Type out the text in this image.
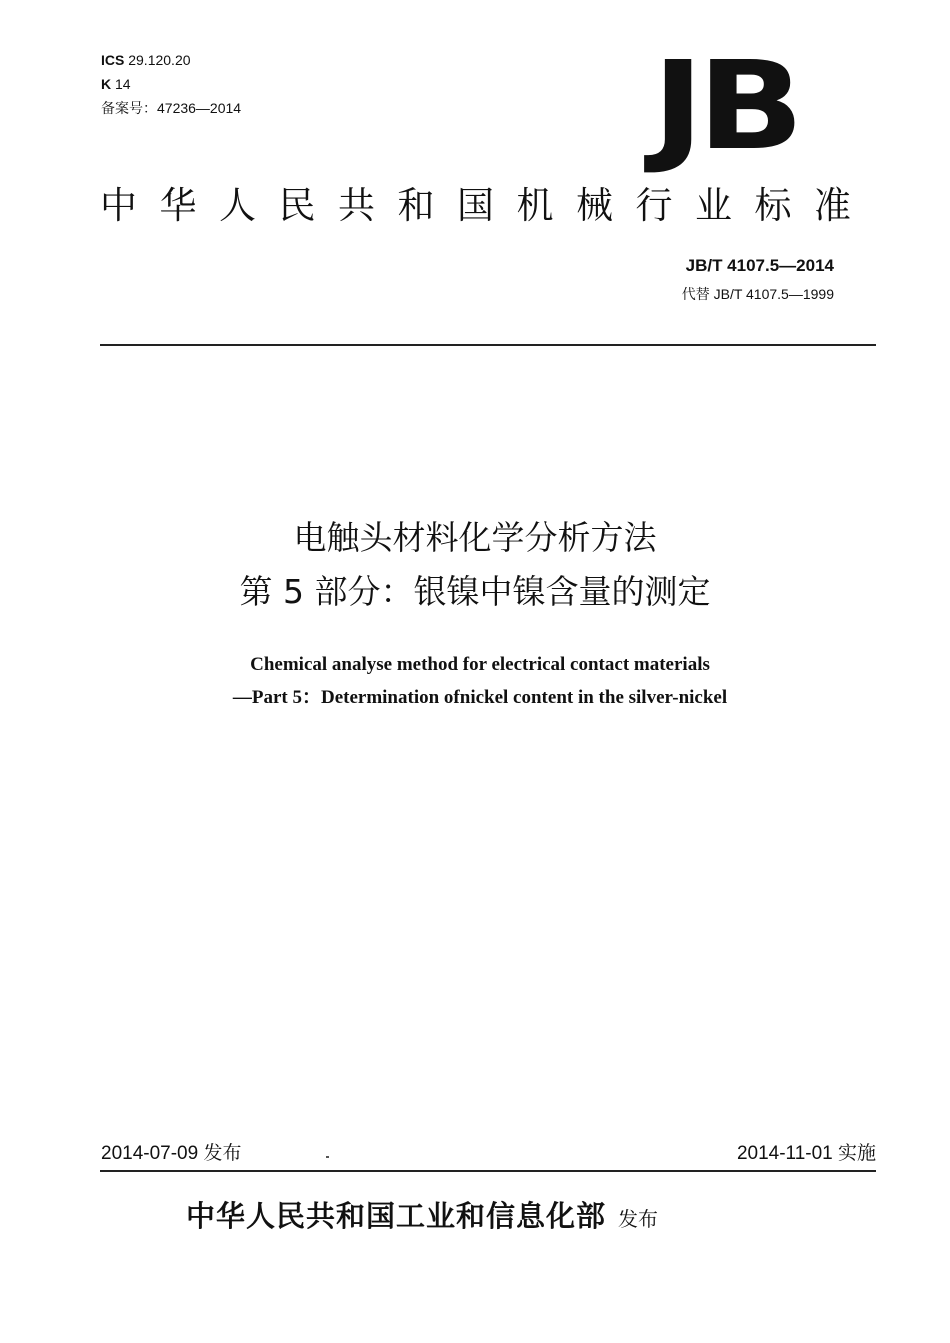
ICS 29.120.20
K 14
备案号：47236—2014	JB
中华人民共和国机械行业标准
JB/T 4107.5—2014
代替 JB/T 4107.5—1999
电触头材料化学分析方法
第 5 部分：银镍中镍含量的测定
Chemical analyse method for electrical contact materials
—Part 5：Determination ofnickel content in the silver-nickel
2014-07-09 发布	2014-11-01 实施
中华人民共和国工业和信息化部 发布
